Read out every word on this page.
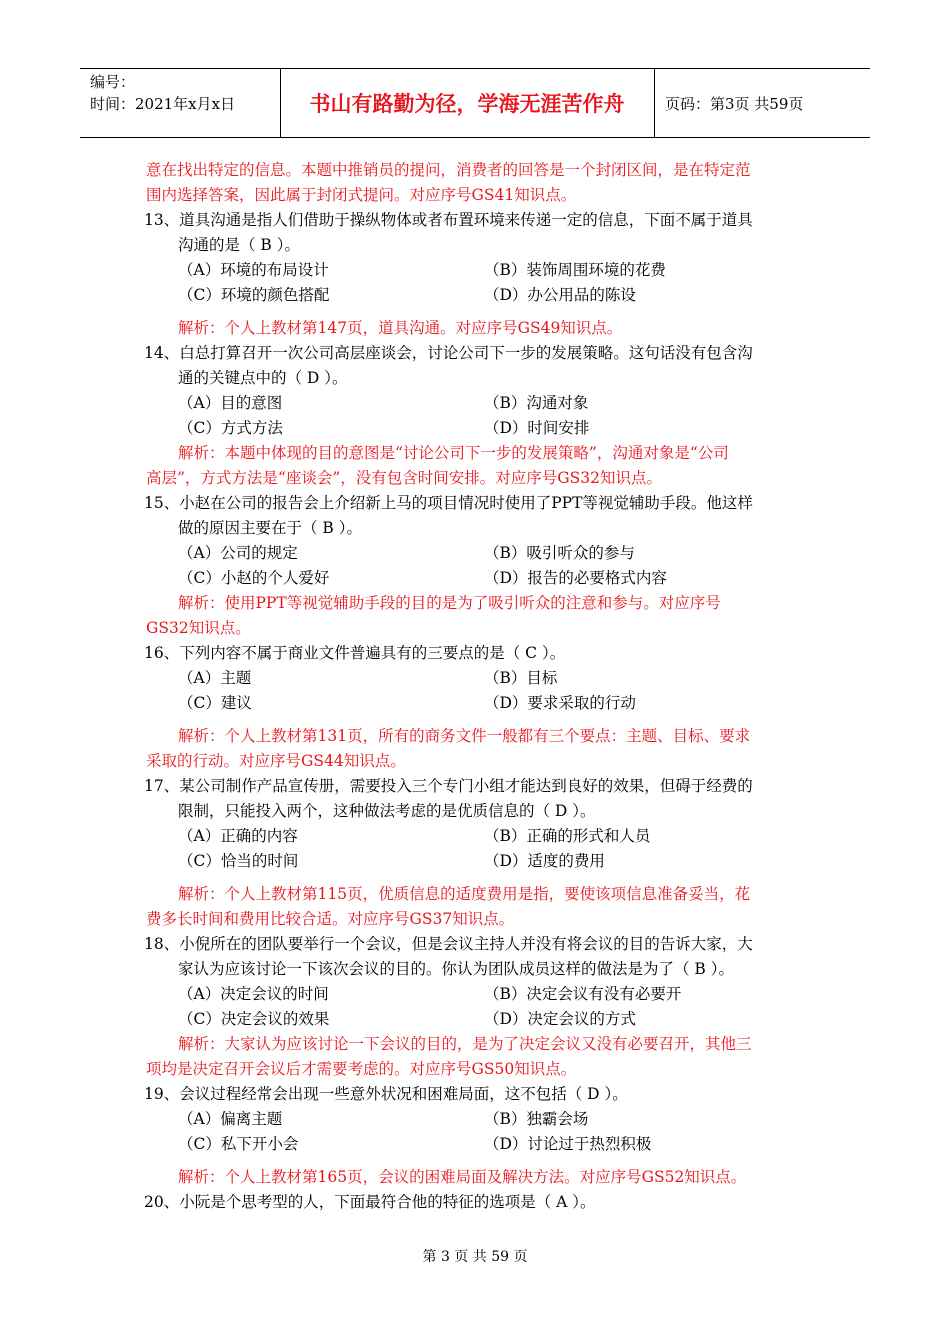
编号：
时间：2021年x月x日	书山有路勤为径，学海无涯苦作舟	页码：第3页 共59页
意在找出特定的信息。本题中推销员的提问，消费者的回答是一个封闭区间，是在特定范
围内选择答案，因此属于封闭式提问。对应序号GS41知识点。
13、道具沟通是指人们借助于操纵物体或者布置环境来传递一定的信息，下面不属于道具
沟通的是（ B ）。
（A）环境的布局设计	（B）装饰周围环境的花费
（C）环境的颜色搭配	（D）办公用品的陈设
解析：个人上教材第147页，道具沟通。对应序号GS49知识点。
14、白总打算召开一次公司高层座谈会，讨论公司下一步的发展策略。这句话没有包含沟
通的关键点中的（ D ）。
（A）目的意图	（B）沟通对象
（C）方式方法	（D）时间安排
解析：本题中体现的目的意图是“讨论公司下一步的发展策略”，沟通对象是“公司
高层”，方式方法是“座谈会”，没有包含时间安排。对应序号GS32知识点。
15、小赵在公司的报告会上介绍新上马的项目情况时使用了PPT等视觉辅助手段。他这样
做的原因主要在于（ B ）。
（A）公司的规定	（B）吸引听众的参与
（C）小赵的个人爱好	（D）报告的必要格式内容
解析：使用PPT等视觉辅助手段的目的是为了吸引听众的注意和参与。对应序号
GS32知识点。
16、下列内容不属于商业文件普遍具有的三要点的是（ C ）。
（A）主题	（B）目标
（C）建议	（D）要求采取的行动
解析：个人上教材第131页，所有的商务文件一般都有三个要点：主题、目标、要求
采取的行动。对应序号GS44知识点。
17、某公司制作产品宣传册，需要投入三个专门小组才能达到良好的效果，但碍于经费的
限制，只能投入两个，这种做法考虑的是优质信息的（ D ）。
（A）正确的内容	（B）正确的形式和人员
（C）恰当的时间	（D）适度的费用
解析：个人上教材第115页，优质信息的适度费用是指，要使该项信息准备妥当，花
费多长时间和费用比较合适。对应序号GS37知识点。
18、小倪所在的团队要举行一个会议，但是会议主持人并没有将会议的目的告诉大家，大
家认为应该讨论一下该次会议的目的。你认为团队成员这样的做法是为了（ B ）。
（A）决定会议的时间	（B）决定会议有没有必要开
（C）决定会议的效果	（D）决定会议的方式
解析：大家认为应该讨论一下会议的目的，是为了决定会议又没有必要召开，其他三
项均是决定召开会议后才需要考虑的。对应序号GS50知识点。
19、会议过程经常会出现一些意外状况和困难局面，这不包括（ D ）。
（A）偏离主题	（B）独霸会场
（C）私下开小会	（D）讨论过于热烈积极
解析：个人上教材第165页，会议的困难局面及解决方法。对应序号GS52知识点。
20、小阮是个思考型的人，下面最符合他的特征的选项是（ A ）。
第 3 页 共 59 页
